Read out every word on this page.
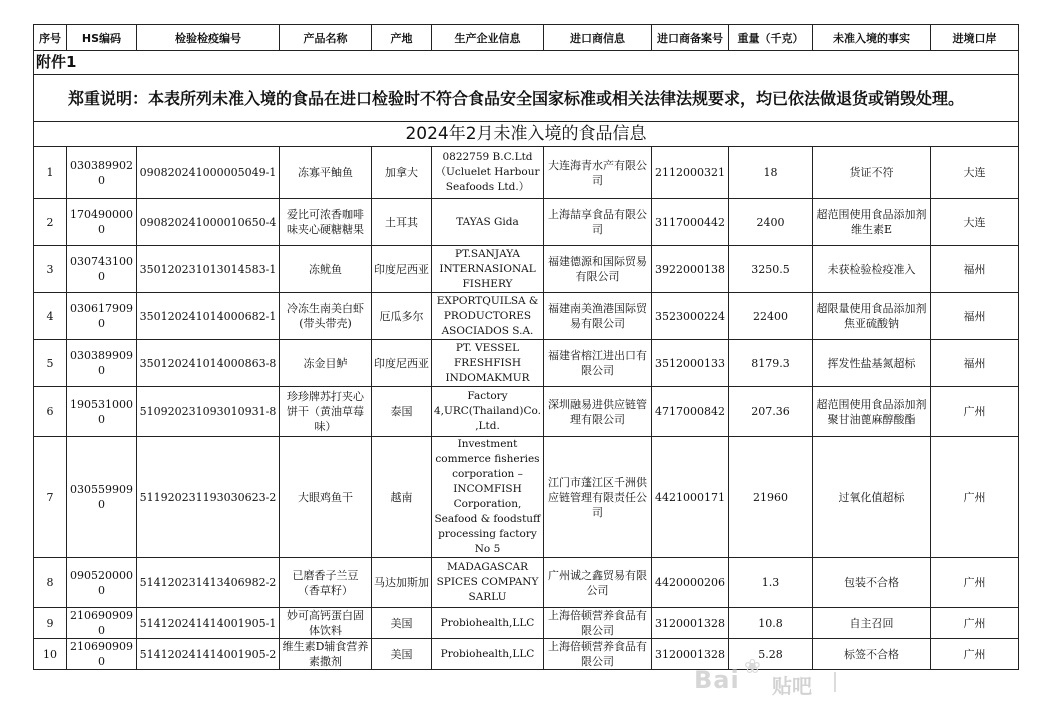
附件1										
郑重说明：本表所列未准入境的食品在进口检验时不符合食品安全国家标准或相关法律法规要求，均已依法做退货或销毁处理。										
2024年2月未准入境的食品信息										
序号	HS编码	检验检疫编号	产品名称	产地	生产企业信息	进口商信息	进口商备案号	重量（千克）	未准入境的事实	进境口岸
1	0303899020	090820241000005049-1	冻寡平鲉鱼	加拿大	0822759 B.C.Ltd （Ucluelet Harbour Seafoods Ltd.）	大连海青水产有限公司	2112000321	18	货证不符	大连
2	1704900000	090820241000010650-4	爱比可浓香咖啡味夹心硬糖糖果	土耳其	TAYAS Gida	上海喆享食品有限公司	3117000442	2400	超范围使用食品添加剂维生素E	大连
3	0307431000	350120231013014583-1	冻鱿鱼	印度尼西亚	PT.SANJAYA INTERNASIONAL FISHERY	福建德源和国际贸易有限公司	3922000138	3250.5	未获检验检疫准入	福州
4	0306179090	350120241014000682-1	冷冻生南美白虾(带头带壳)	厄瓜多尔	EXPORTQUILSA & PRODUCTORES ASOCIADOS S.A.	福建南美渔港国际贸易有限公司	3523000224	22400	超限量使用食品添加剂焦亚硫酸钠	福州
5	0303899090	350120241014000863-8	冻金目鲈	印度尼西亚	PT. VESSEL FRESHFISH INDOMAKMUR	福建省榕江进出口有限公司	3512000133	8179.3	挥发性盐基氮超标	福州
6	1905310000	510920231093010931-8	珍珍牌苏打夹心饼干（黄油草莓味）	泰国	Factory 4,URC(Thailand)Co.,Ltd.	深圳融易进供应链管理有限公司	4717000842	207.36	超范围使用食品添加剂聚甘油蓖麻醇酸酯	广州
7	0305599090	511920231193030623-2	大眼鸡鱼干	越南	Investment commerce fisheries corporation – INCOMFISH Corporation, Seafood & foodstuff processing factory No 5	江门市蓬江区千洲供应链管理有限责任公司	4421000171	21960	过氧化值超标	广州
8	0905200000	514120231413406982-2	已磨香子兰豆（香草籽）	马达加斯加	MADAGASCAR SPICES COMPANY SARLU	广州诚之鑫贸易有限公司	4420000206	1.3	包装不合格	广州
9	2106909090	514120241414001905-1	妙可高钙蛋白固体饮料	美国	Probiohealth,LLC	上海倍顿营养食品有限公司	3120001328	10.8	自主召回	广州
10	2106909090	514120241414001905-2	维生素D辅食营养素撒剂	美国	Probiohealth,LLC	上海倍顿营养食品有限公司	3120001328	5.28	标签不合格	广州
Bai ❀
贴吧
